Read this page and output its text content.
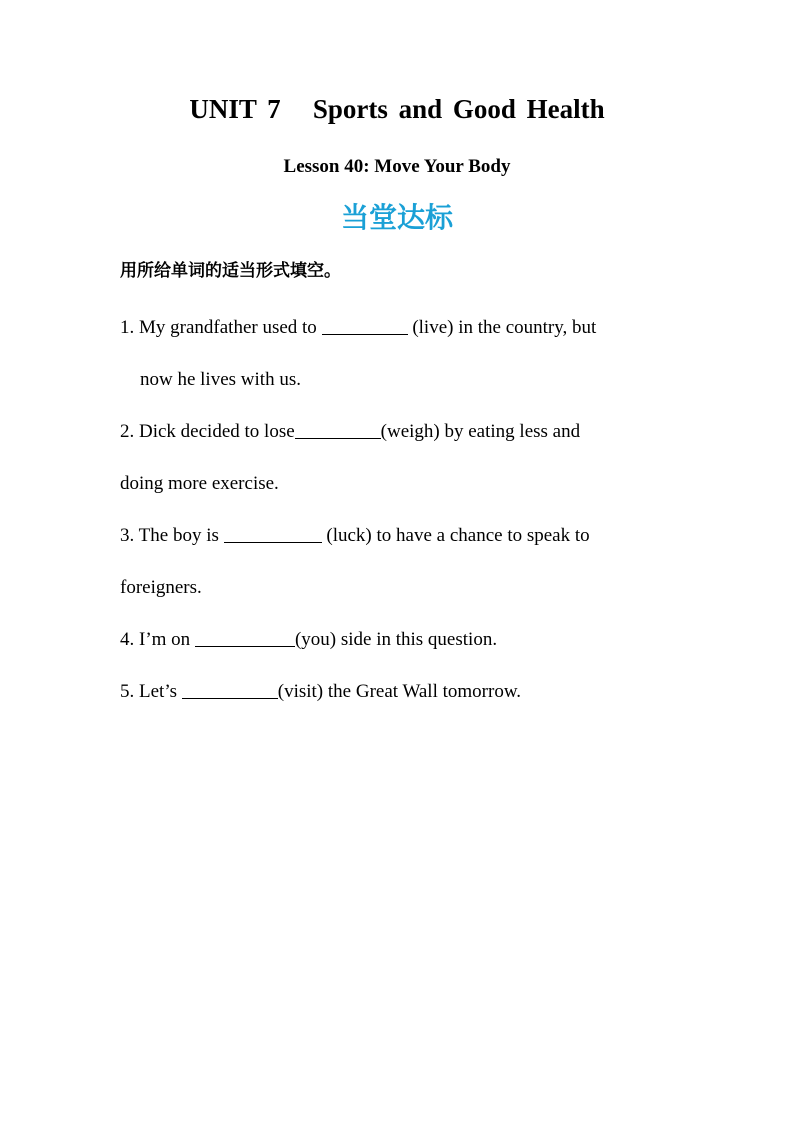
UNIT 7   Sports and Good Health
Lesson 40: Move Your Body
当堂达标

用所给单词的适当形式填空。

1. My grandfather used to	(live) in the country, but

now he lives with us.

2. Dick decided to lose	(weigh) by eating less and

doing more exercise.

3. The boy is	(luck) to have a chance to speak to

foreigners.

4. I’m on	(you) side in this question.

5. Let’s	(visit) the Great Wall tomorrow.
